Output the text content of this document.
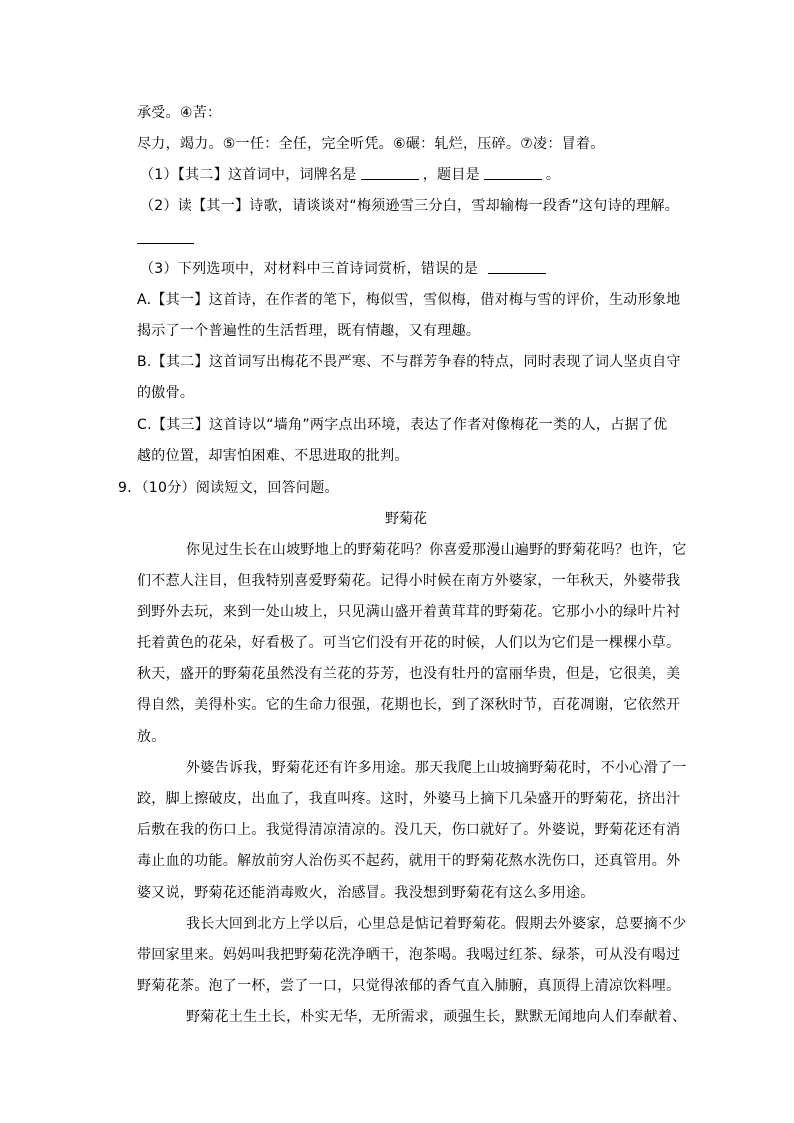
承受。④苦：
尽力，竭力。⑤一任：全任，完全听凭。⑥碾：轧烂，压碎。⑦凌：冒着。
（1）【其二】这首词中，词牌名是	，题目是	。
（2）读【其一】诗歌，请谈谈对“梅须逊雪三分白，雪却输梅一段香”这句诗的理解。
（3）下列选项中，对材料中三首诗词赏析，错误的是
A.【其一】这首诗，在作者的笔下，梅似雪，雪似梅，借对梅与雪的评价，生动形象地
揭示了一个普遍性的生活哲理，既有情趣，又有理趣。
B.【其二】这首词写出梅花不畏严寒、不与群芳争春的特点，同时表现了词人坚贞自守
的傲骨。
C.【其三】这首诗以“墙角”两字点出环境，表达了作者对像梅花一类的人，占据了优
越的位置，却害怕困难、不思进取的批判。
9．（10分）阅读短文，回答问题。
野菊花
你见过生长在山坡野地上的野菊花吗？你喜爱那漫山遍野的野菊花吗？也许，它
们不惹人注目，但我特别喜爱野菊花。记得小时候在南方外婆家，一年秋天，外婆带我
到野外去玩，来到一处山坡上，只见满山盛开着黄茸茸的野菊花。它那小小的绿叶片衬
托着黄色的花朵，好看极了。可当它们没有开花的时候，人们以为它们是一棵棵小草。
秋天，盛开的野菊花虽然没有兰花的芬芳，也没有牡丹的富丽华贵，但是，它很美，美
得自然，美得朴实。它的生命力很强，花期也长，到了深秋时节，百花凋谢，它依然开
放。
外婆告诉我，野菊花还有许多用途。那天我爬上山坡摘野菊花时，不小心滑了一
跤，脚上擦破皮，出血了，我直叫疼。这时，外婆马上摘下几朵盛开的野菊花，挤出汁
后敷在我的伤口上。我觉得清凉清凉的。没几天，伤口就好了。外婆说，野菊花还有消
毒止血的功能。解放前穷人治伤买不起药，就用干的野菊花熬水洗伤口，还真管用。外
婆又说，野菊花还能消毒败火，治感冒。我没想到野菊花有这么多用途。
我长大回到北方上学以后，心里总是惦记着野菊花。假期去外婆家，总要摘不少
带回家里来。妈妈叫我把野菊花洗净晒干，泡茶喝。我喝过红茶、绿茶，可从没有喝过
野菊花茶。泡了一杯，尝了一口，只觉得浓郁的香气直入肺腑，真顶得上清凉饮料哩。
野菊花土生土长，朴实无华，无所需求，顽强生长，默默无闻地向人们奉献着、
